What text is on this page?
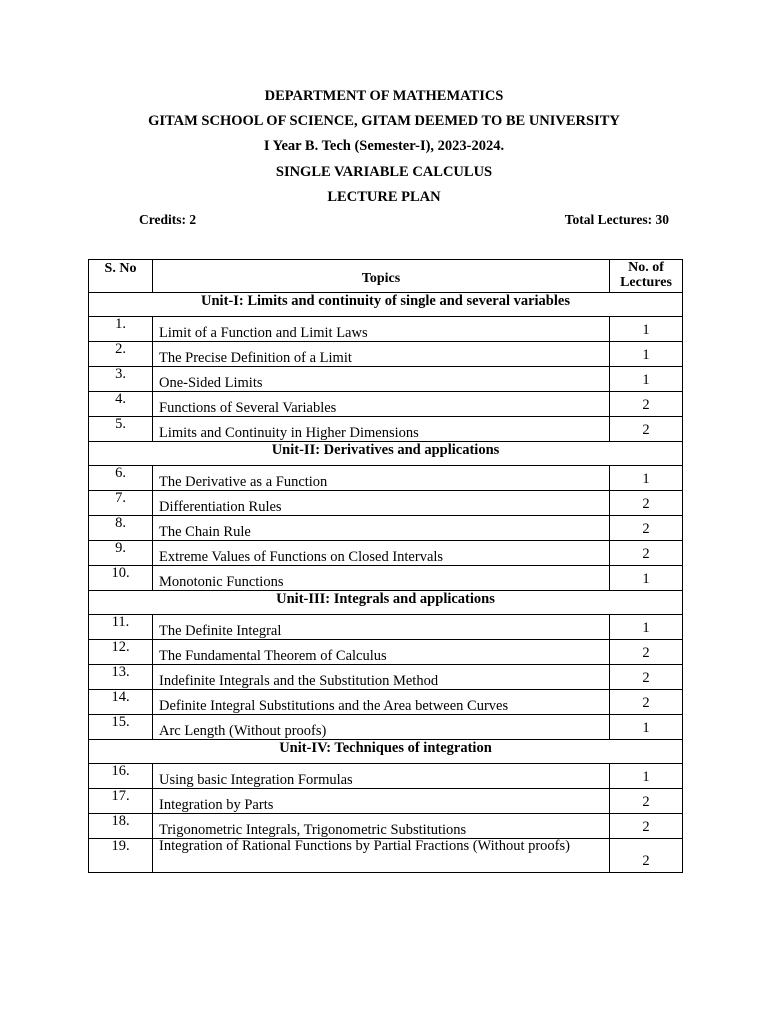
DEPARTMENT OF MATHEMATICS
GITAM SCHOOL OF SCIENCE, GITAM DEEMED TO BE UNIVERSITY
I Year B. Tech (Semester-I), 2023-2024.
SINGLE VARIABLE CALCULUS
LECTURE PLAN
Credits: 2	Total Lectures: 30
S. No	Topics	No. of
Lectures
Unit-I: Limits and continuity of single and several variables		
1.	Limit of a Function and Limit Laws	1
2.	The Precise Definition of a Limit	1
3.	One-Sided Limits	1
4.	Functions of Several Variables	2
5.	Limits and Continuity in Higher Dimensions	2
Unit-II: Derivatives and applications		
6.	The Derivative as a Function	1
7.	Differentiation Rules	2
8.	The Chain Rule	2
9.	Extreme Values of Functions on Closed Intervals	2
10.	Monotonic Functions	1
Unit-III: Integrals and applications		
11.	The Definite Integral	1
12.	The Fundamental Theorem of Calculus	2
13.	Indefinite Integrals and the Substitution Method	2
14.	Definite Integral Substitutions and the Area between Curves	2
15.	Arc Length (Without proofs)	1
Unit-IV: Techniques of integration		
16.	Using basic Integration Formulas	1
17.	Integration by Parts	2
18.	Trigonometric Integrals, Trigonometric Substitutions	2
19.	Integration of Rational Functions by Partial Fractions (Without proofs)	2
